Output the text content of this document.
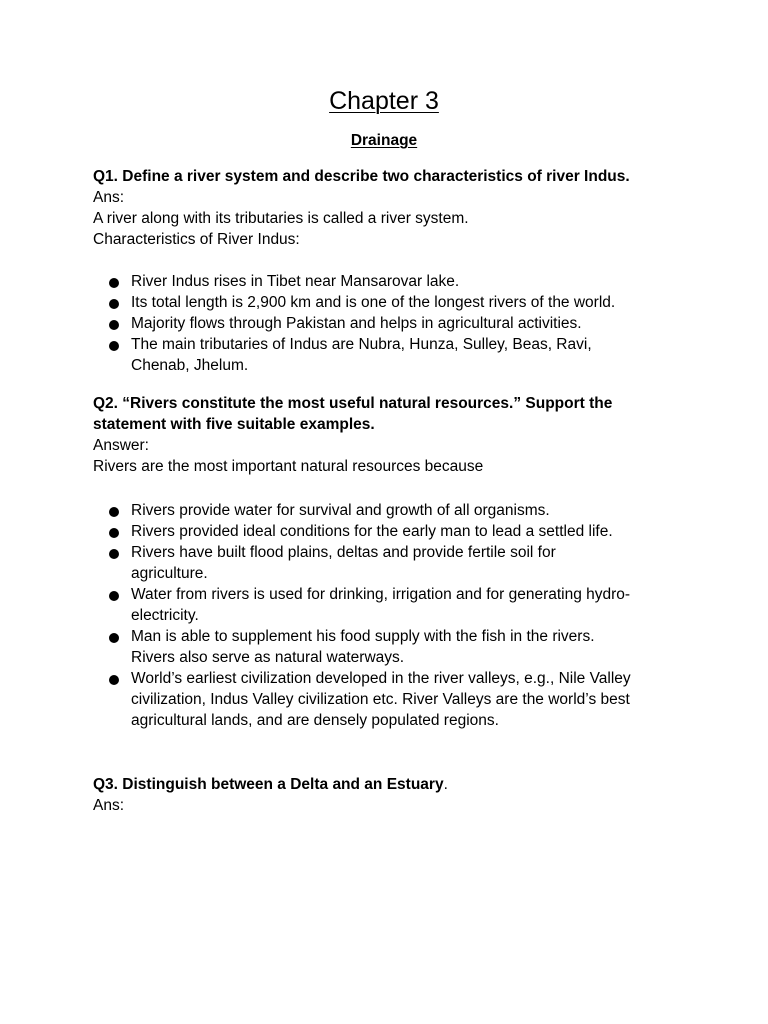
Chapter 3
Drainage
Q1. Define a river system and describe two characteristics of river Indus.
Ans:
A river along with its tributaries is called a river system.
Characteristics of River Indus:
River Indus rises in Tibet near Mansarovar lake.
Its total length is 2,900 km and is one of the longest rivers of the world.
Majority flows through Pakistan and helps in agricultural activities.
The main tributaries of Indus are Nubra, Hunza, Sulley, Beas, Ravi, Chenab, Jhelum.
Q2. “Rivers constitute the most useful natural resources.” Support the statement with five suitable examples.
Answer:
Rivers are the most important natural resources because
Rivers provide water for survival and growth of all organisms.
Rivers provided ideal conditions for the early man to lead a settled life.
Rivers have built flood plains, deltas and provide fertile soil for agriculture.
Water from rivers is used for drinking, irrigation and for generating hydro- electricity.
Man is able to supplement his food supply with the fish in the rivers. Rivers also serve as natural waterways.
World’s earliest civilization developed in the river valleys, e.g., Nile Valley civilization, Indus Valley civilization etc. River Valleys are the world’s best agricultural lands, and are densely populated regions.
Q3. Distinguish between a Delta and an Estuary.
Ans:
